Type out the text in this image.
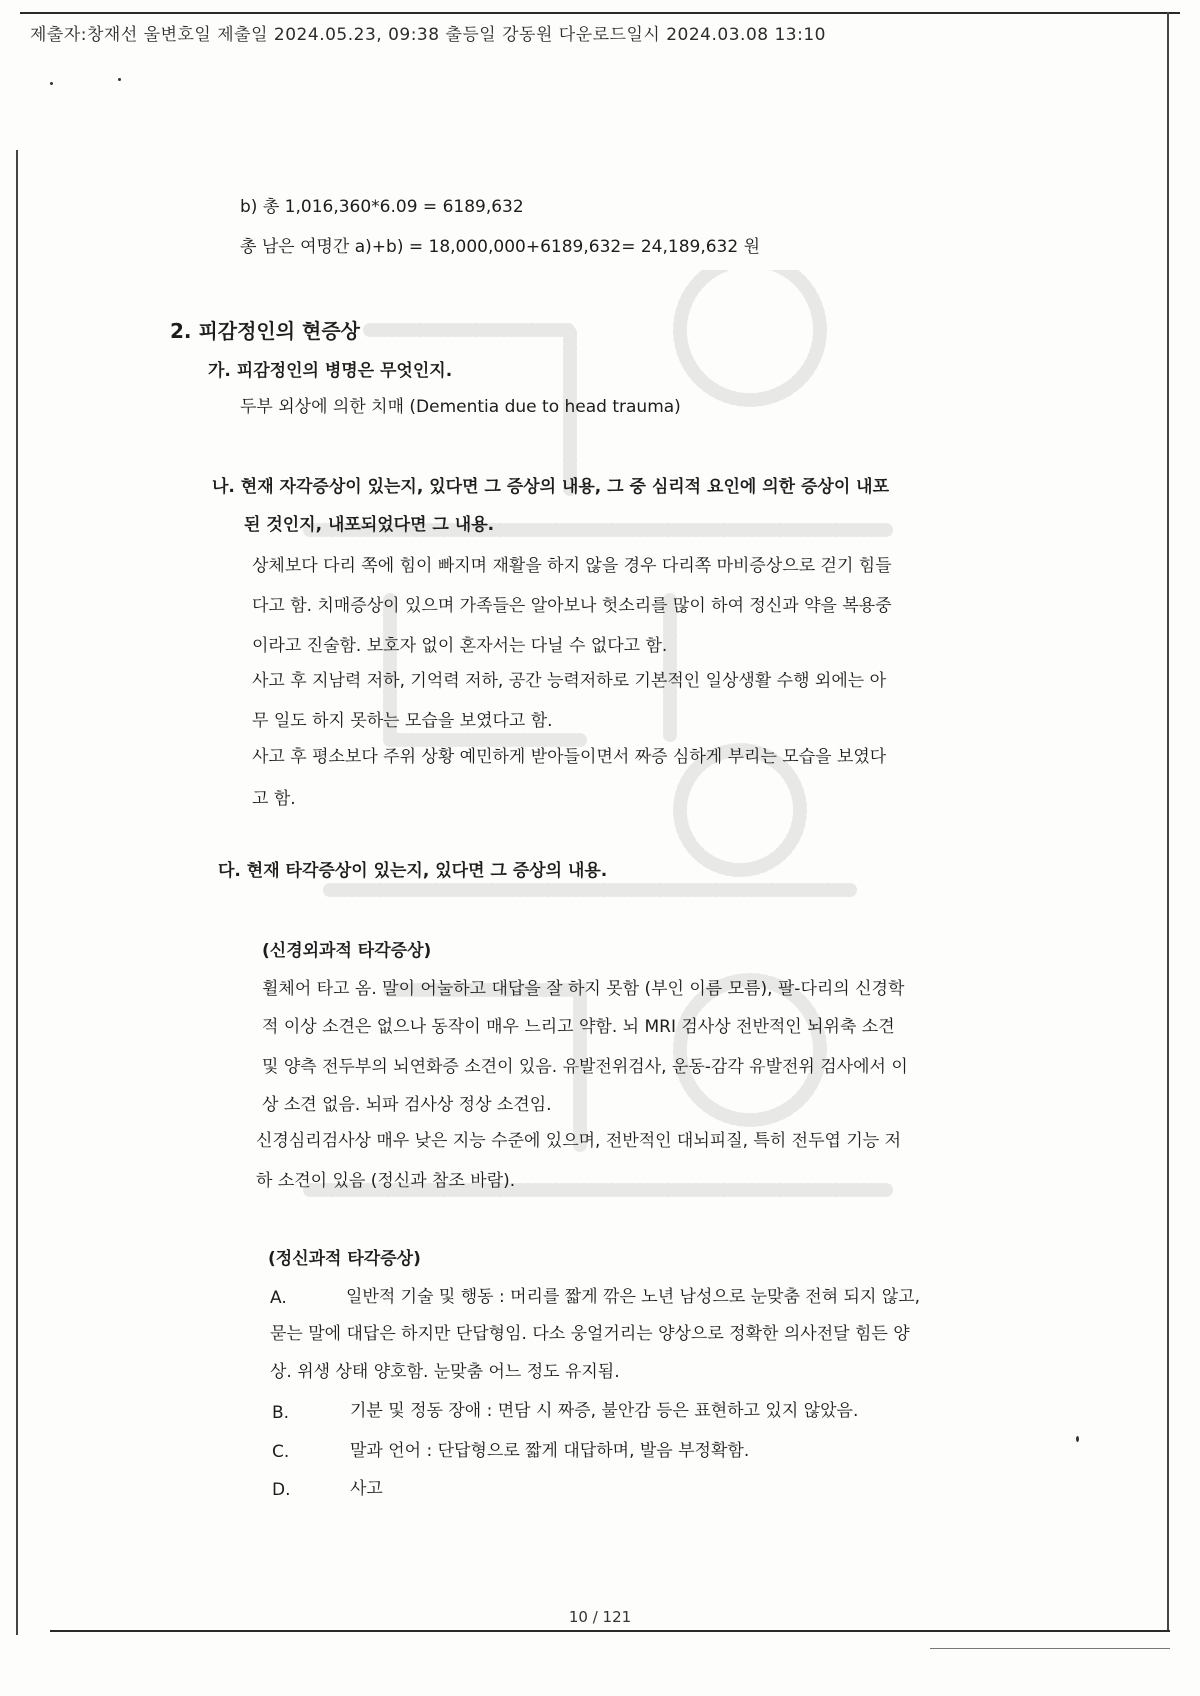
제출자:창재선 울변호일 제출일 2024.05.23, 09:38 출등일 강동원 다운로드일시 2024.03.08 13:10
b) 총 1,016,360*6.09 = 6189,632
총 남은 여명간 a)+b) = 18,000,000+6189,632= 24,189,632 원
2. 피감정인의 현증상
가. 피감정인의 병명은 무엇인지.
두부 외상에 의한 치매 (Dementia due to head trauma)
나. 현재 자각증상이 있는지, 있다면 그 증상의 내용, 그 중 심리적 요인에 의한 증상이 내포
된 것인지, 내포되었다면 그 내용.
상체보다 다리 쪽에 힘이 빠지며 재활을 하지 않을 경우 다리쪽 마비증상으로 걷기 힘들
다고 함. 치매증상이 있으며 가족들은 알아보나 헛소리를 많이 하여 정신과 약을 복용중
이라고 진술함. 보호자 없이 혼자서는 다닐 수 없다고 함.
사고 후 지남력 저하, 기억력 저하, 공간 능력저하로 기본적인 일상생활 수행 외에는 아
무 일도 하지 못하는 모습을 보였다고 함.
사고 후 평소보다 주위 상황 예민하게 받아들이면서 짜증 심하게 부리는 모습을 보였다
고 함.
다. 현재 타각증상이 있는지, 있다면 그 증상의 내용.
(신경외과적 타각증상)
휠체어 타고 옴. 말이 어눌하고 대답을 잘 하지 못함 (부인 이름 모름), 팔-다리의 신경학
적 이상 소견은 없으나 동작이 매우 느리고 약함. 뇌 MRI 검사상 전반적인 뇌위축 소견
및 양측 전두부의 뇌연화증 소견이 있음. 유발전위검사, 운동-감각 유발전위 검사에서 이
상 소견 없음. 뇌파 검사상 정상 소견임.
신경심리검사상 매우 낮은 지능 수준에 있으며, 전반적인 대뇌피질, 특히 전두엽 기능 저
하 소견이 있음 (정신과 참조 바람).
(정신과적 타각증상)
A.	일반적 기술 및 행동 : 머리를 짧게 깎은 노년 남성으로 눈맞춤 전혀 되지 않고,
묻는 말에 대답은 하지만 단답형임. 다소 웅얼거리는 양상으로 정확한 의사전달 힘든 양
상. 위생 상태 양호함. 눈맞춤 어느 정도 유지됨.
B.	기분 및 정동 장애 : 면담 시 짜증, 불안감 등은 표현하고 있지 않았음.
C.	말과 언어 : 단답형으로 짧게 대답하며, 발음 부정확함.
D.	사고
10 / 121
